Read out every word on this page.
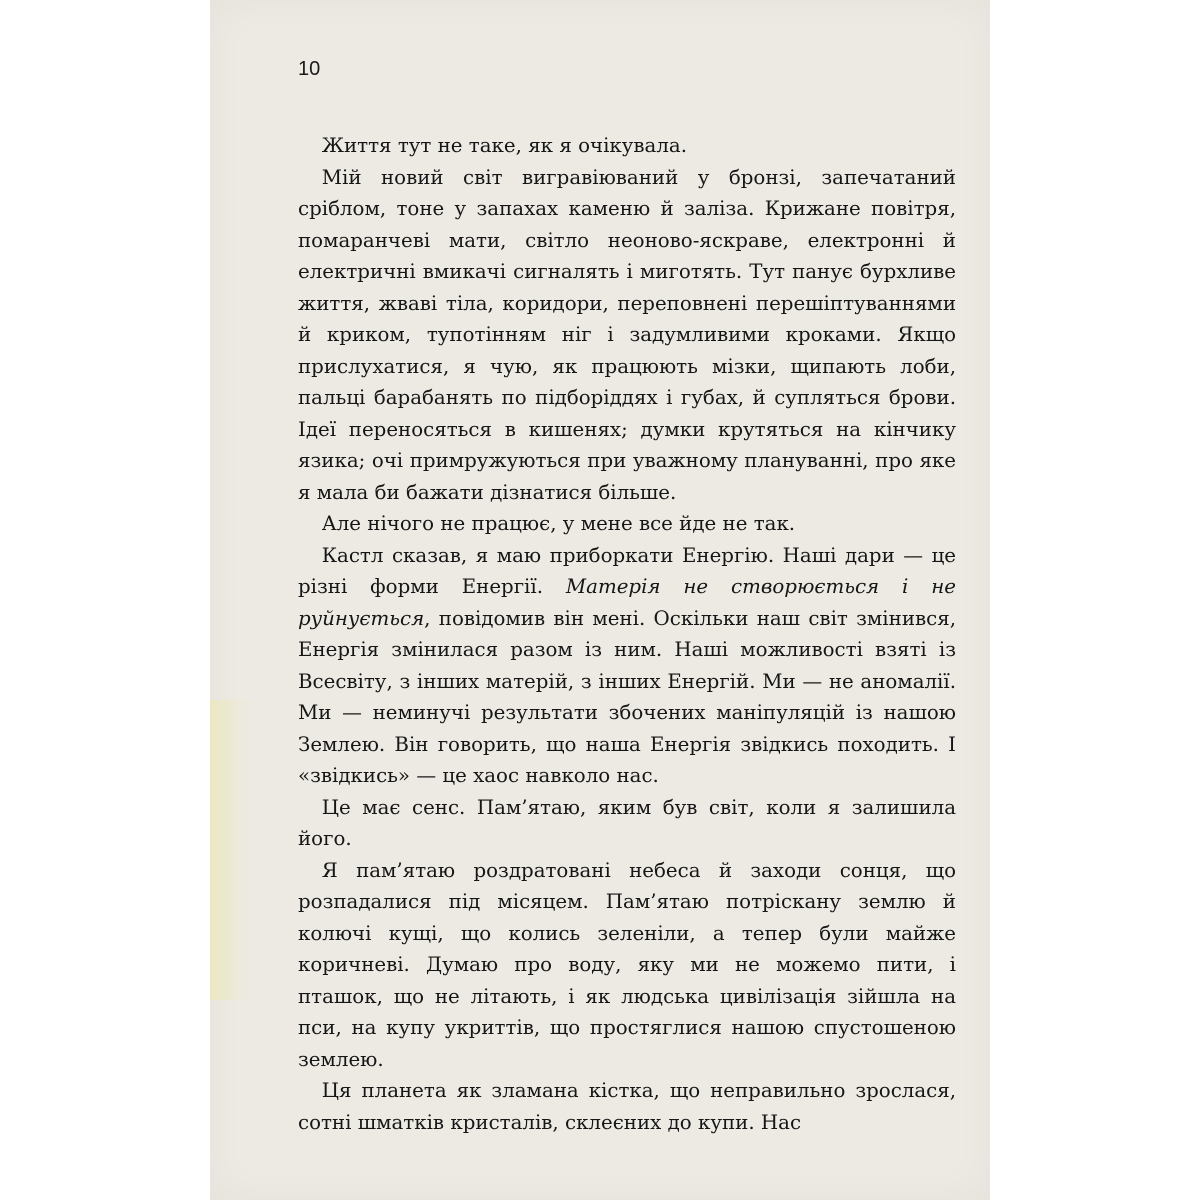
10

Життя тут не таке, як я очікувала.

Мій новий світ вигравіюваний у бронзі, запечатаний сріблом, тоне у запахах каменю й заліза. Крижане повітря, помаранчеві мати, світло неоново-яскраве, електронні й електричні вмикачі сигналять і миготять. Тут панує бурхливе життя, жваві тіла, коридори, переповнені перешіптуваннями й криком, тупотінням ніг і задумливими кроками. Якщо прислухатися, я чую, як працюють мізки, щипають лоби, пальці барабанять по підборіддях і губах, й супляться брови. Ідеї переносяться в кишенях; думки крутяться на кінчику язика; очі примружуються при уважному плануванні, про яке я мала би бажати дізнатися більше.

Але нічого не працює, у мене все йде не так.

Кастл сказав, я маю приборкати Енергію. Наші дари — це різні форми Енергії. Матерія не створюється і не руйнується, повідомив він мені. Оскільки наш світ змінився, Енергія змінилася разом із ним. Наші можливості взяті із Всесвіту, з інших матерій, з інших Енергій. Ми — не аномалії. Ми — неминучі результати збочених маніпуляцій із нашою Землею. Він говорить, що наша Енергія звідкись походить. І «звідкись» — це хаос навколо нас.

Це має сенс. Пам’ятаю, яким був світ, коли я залишила його.

Я пам’ятаю роздратовані небеса й заходи сонця, що розпадалися під місяцем. Пам’ятаю потріскану землю й колючі кущі, що колись зеленіли, а тепер були майже коричневі. Думаю про воду, яку ми не можемо пити, і пташок, що не літають, і як людська цивілізація зійшла на пси, на купу укриттів, що простяглися нашою спустошеною землею.

Ця планета як зламана кістка, що неправильно зрослася, сотні шматків кристалів, склеєних до купи. Нас
